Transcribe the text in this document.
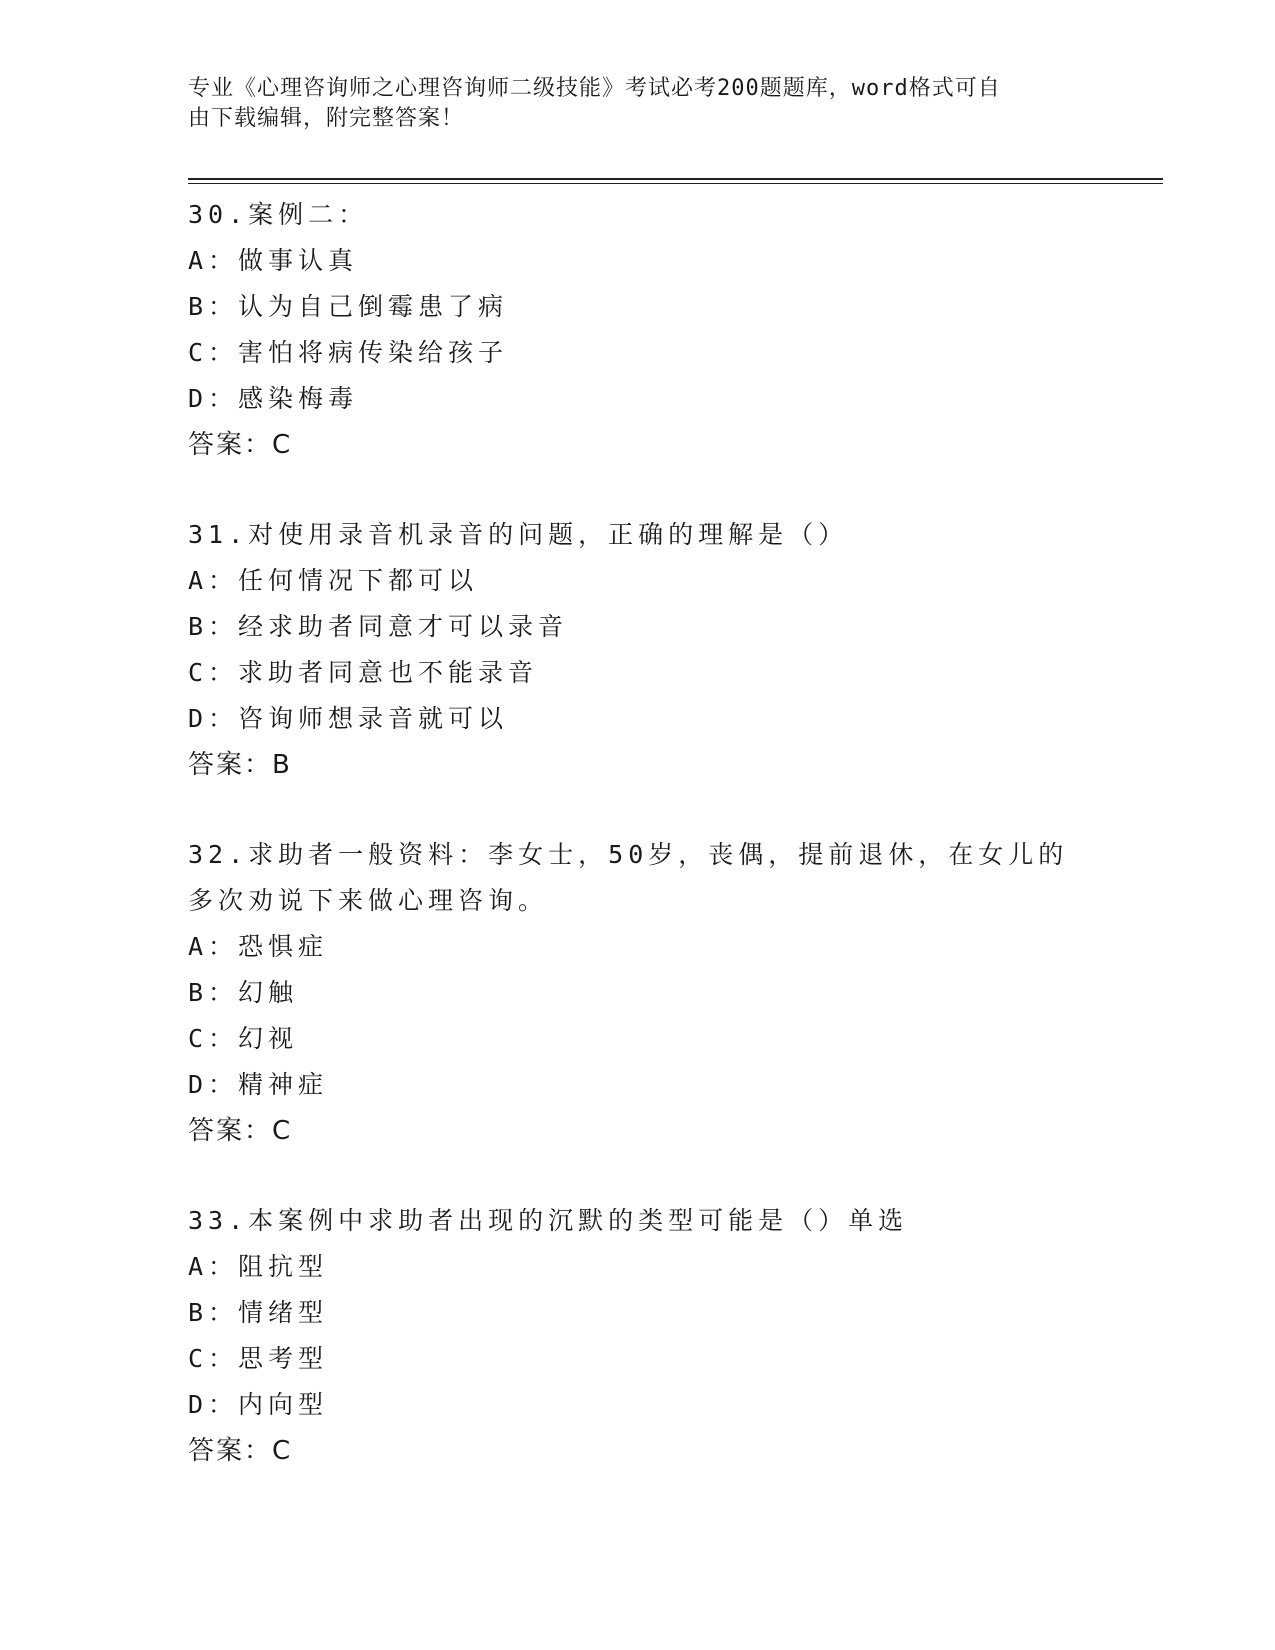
专业《心理咨询师之心理咨询师二级技能》考试必考200题题库，word格式可自
由下载编辑，附完整答案！
30.案例二：
A：做事认真
B：认为自己倒霉患了病
C：害怕将病传染给孩子
D：感染梅毒
答案：C
31.对使用录音机录音的问题，正确的理解是（）
A：任何情况下都可以
B：经求助者同意才可以录音
C：求助者同意也不能录音
D：咨询师想录音就可以
答案：B
32.求助者一般资料：李女士，50岁，丧偶，提前退休，在女儿的多次劝说下来做心理咨询。
A：恐惧症
B：幻触
C：幻视
D：精神症
答案：C
33.本案例中求助者出现的沉默的类型可能是（）单选
A：阻抗型
B：情绪型
C：思考型
D：内向型
答案：C
